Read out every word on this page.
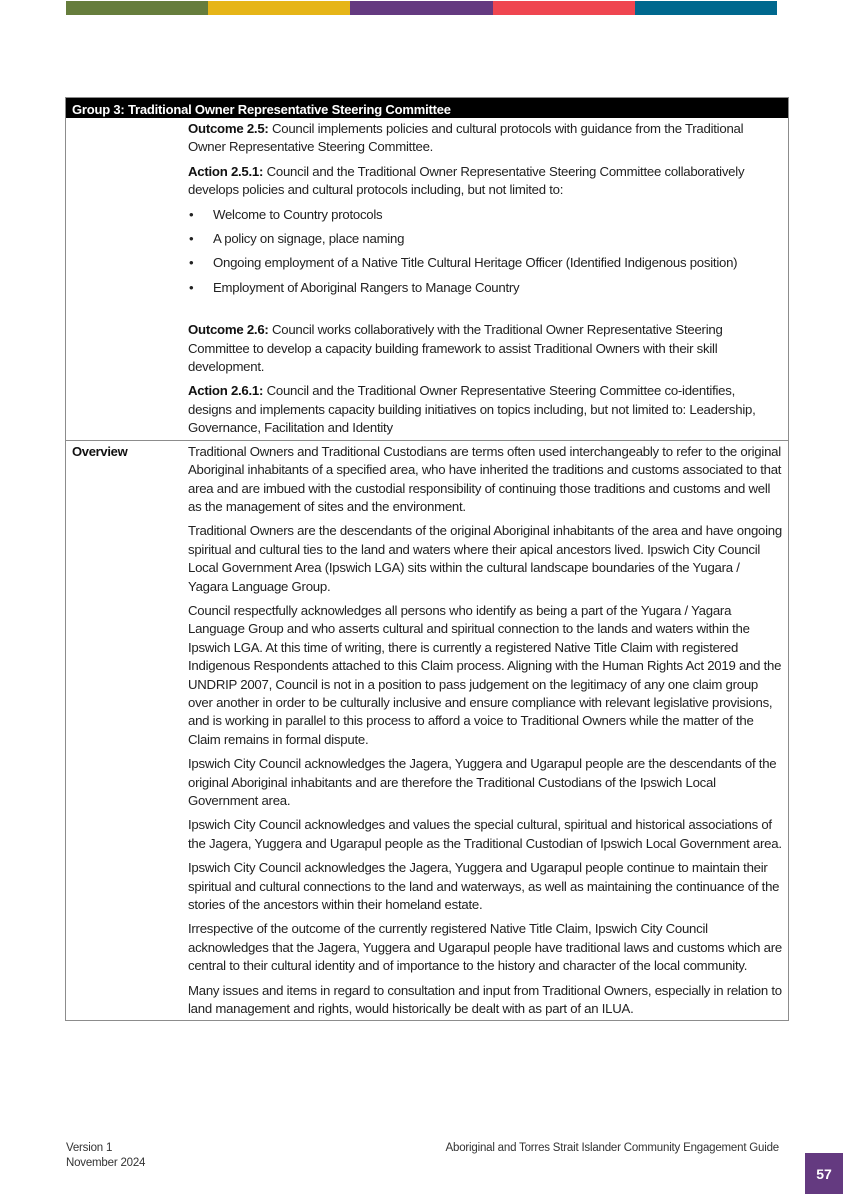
Group 3: Traditional Owner Representative Steering Committee

Outcome 2.5: Council implements policies and cultural protocols with guidance from the Traditional Owner Representative Steering Committee.

Action 2.5.1: Council and the Traditional Owner Representative Steering Committee collaboratively develops policies and cultural protocols including, but not limited to:

• Welcome to Country protocols
• A policy on signage, place naming
• Ongoing employment of a Native Title Cultural Heritage Officer (Identified Indigenous position)
• Employment of Aboriginal Rangers to Manage Country

Outcome 2.6: Council works collaboratively with the Traditional Owner Representative Steering Committee to develop a capacity building framework to assist Traditional Owners with their skill development.

Action 2.6.1: Council and the Traditional Owner Representative Steering Committee co-identifies, designs and implements capacity building initiatives on topics including, but not limited to: Leadership, Governance, Facilitation and Identity

Overview	Traditional Owners and Traditional Custodians are terms often used interchangeably to refer to the original Aboriginal inhabitants of a specified area, who have inherited the traditions and customs associated to that area and are imbued with the custodial responsibility of continuing those traditions and customs and well as the management of sites and the environment.

Traditional Owners are the descendants of the original Aboriginal inhabitants of the area and have ongoing spiritual and cultural ties to the land and waters where their apical ancestors lived. Ipswich City Council Local Government Area (Ipswich LGA) sits within the cultural landscape boundaries of the Yugara / Yagara Language Group.

Council respectfully acknowledges all persons who identify as being a part of the Yugara / Yagara Language Group and who asserts cultural and spiritual connection to the lands and waters within the Ipswich LGA. At this time of writing, there is currently a registered Native Title Claim with registered Indigenous Respondents attached to this Claim process. Aligning with the Human Rights Act 2019 and the UNDRIP 2007, Council is not in a position to pass judgement on the legitimacy of any one claim group over another in order to be culturally inclusive and ensure compliance with relevant legislative provisions, and is working in parallel to this process to afford a voice to Traditional Owners while the matter of the Claim remains in formal dispute.

Ipswich City Council acknowledges the Jagera, Yuggera and Ugarapul people are the descendants of the original Aboriginal inhabitants and are therefore the Traditional Custodians of the Ipswich Local Government area.

Ipswich City Council acknowledges and values the special cultural, spiritual and historical associations of the Jagera, Yuggera and Ugarapul people as the Traditional Custodian of Ipswich Local Government area.

Ipswich City Council acknowledges the Jagera, Yuggera and Ugarapul people continue to maintain their spiritual and cultural connections to the land and waterways, as well as maintaining the continuance of the stories of the ancestors within their homeland estate.

Irrespective of the outcome of the currently registered Native Title Claim, Ipswich City Council acknowledges that the Jagera, Yuggera and Ugarapul people have traditional laws and customs which are central to their cultural identity and of importance to the history and character of the local community.

Many issues and items in regard to consultation and input from Traditional Owners, especially in relation to land management and rights, would historically be dealt with as part of an ILUA.

Version 1
November 2024
Aboriginal and Torres Strait Islander Community Engagement Guide
57
